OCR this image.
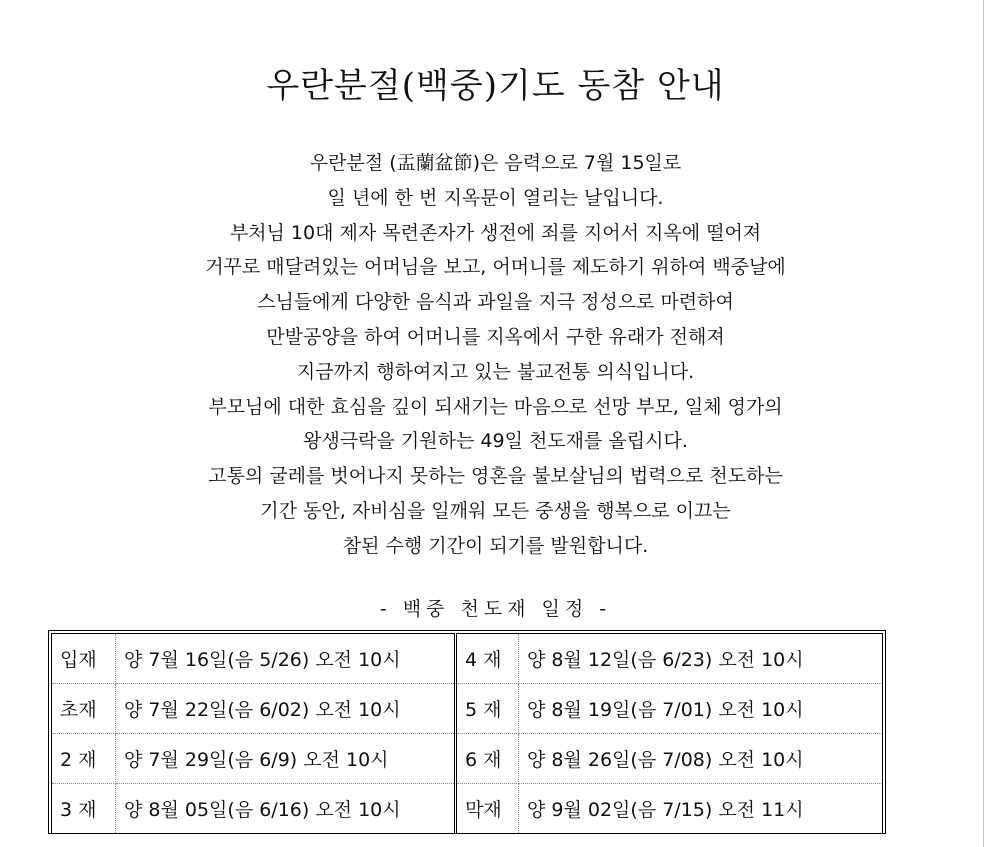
우란분절(백중)기도 동참 안내
우란분절 (盂蘭盆節)은 음력으로 7월 15일로
일 년에 한 번 지옥문이 열리는 날입니다.
부처님 10대 제자 목련존자가 생전에 죄를 지어서 지옥에 떨어져
거꾸로 매달려있는 어머님을 보고, 어머니를 제도하기 위하여 백중날에
스님들에게 다양한 음식과 과일을 지극 정성으로 마련하여
만발공양을 하여 어머니를 지옥에서 구한 유래가 전해져
지금까지 행하여지고 있는 불교전통 의식입니다.
부모님에 대한 효심을 깊이 되새기는 마음으로 선망 부모, 일체 영가의
왕생극락을 기원하는 49일 천도재를 올립시다.
고통의 굴레를 벗어나지 못하는 영혼을 불보살님의 법력으로 천도하는
기간 동안, 자비심을 일깨워 모든 중생을 행복으로 이끄는
참된 수행 기간이 되기를 발원합니다.
- 백중 천도재 일정 -
입재	양 7월 16일(음 5/26) 오전 10시	4 재	양 8월 12일(음 6/23) 오전 10시
초재	양 7월 22일(음 6/02) 오전 10시	5 재	양 8월 19일(음 7/01) 오전 10시
2 재	양 7월 29일(음 6/9) 오전 10시	6 재	양 8월 26일(음 7/08) 오전 10시
3 재	양 8월 05일(음 6/16) 오전 10시	막재	양 9월 02일(음 7/15) 오전 11시
